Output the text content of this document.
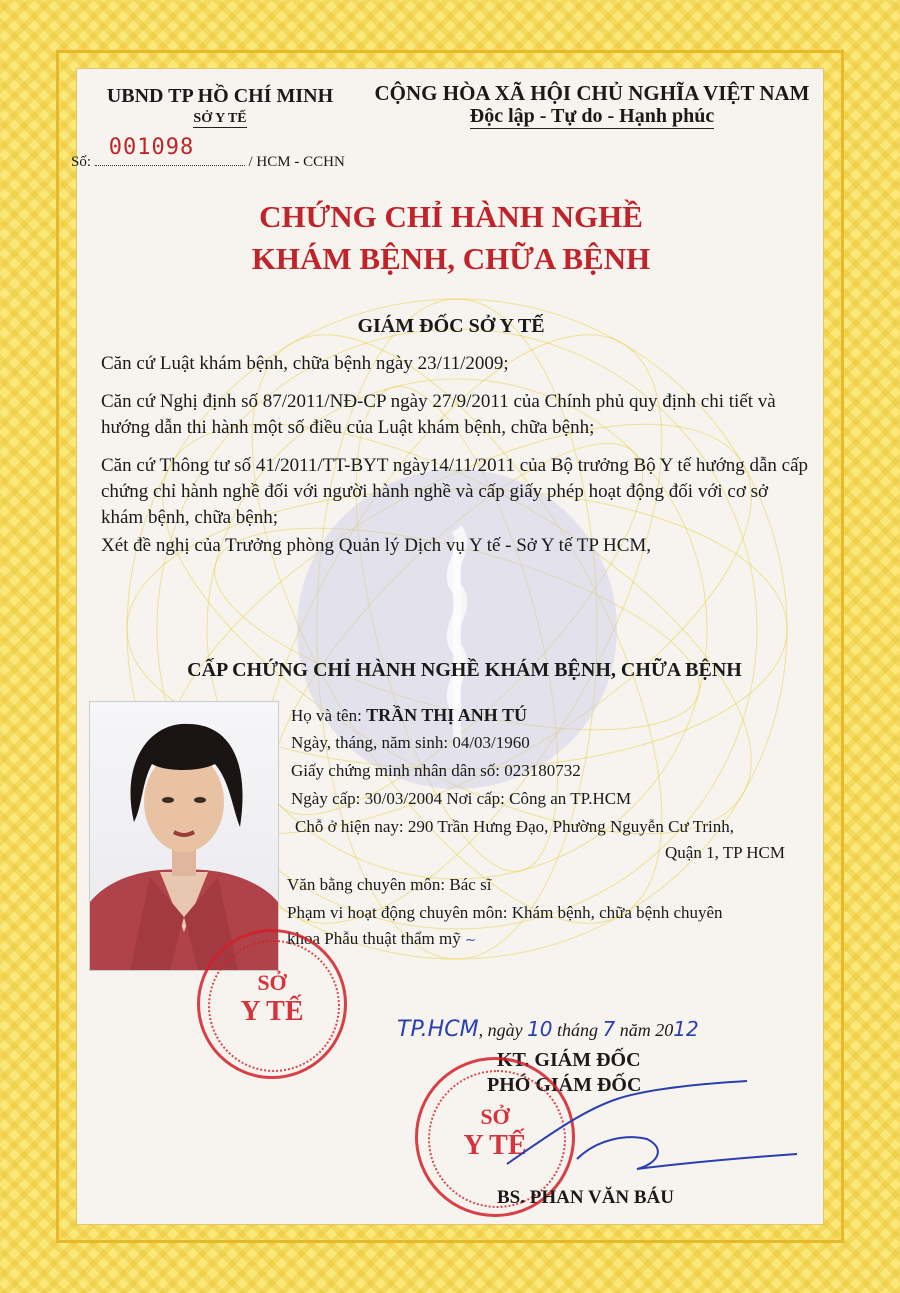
UBND TP HỒ CHÍ MINH
SỞ Y TẾ
CỘNG HÒA XÃ HỘI CHỦ NGHĨA VIỆT NAM
Độc lập - Tự do - Hạnh phúc
Số:
001098
/ HCM - CCHN
CHỨNG CHỈ HÀNH NGHỀ
KHÁM BỆNH, CHỮA BỆNH
GIÁM ĐỐC SỞ Y TẾ
Căn cứ Luật khám bệnh, chữa bệnh ngày 23/11/2009;
Căn cứ Nghị định số 87/2011/NĐ-CP ngày 27/9/2011 của Chính phủ quy định chi tiết và hướng dẫn thi hành một số điều của Luật khám bệnh, chữa bệnh;
Căn cứ Thông tư số 41/2011/TT-BYT ngày14/11/2011 của Bộ trưởng Bộ Y tế hướng dẫn cấp chứng chỉ hành nghề đối với người hành nghề và cấp giấy phép hoạt động đối với cơ sở khám bệnh, chữa bệnh;
Xét đề nghị của Trưởng phòng Quản lý Dịch vụ Y tế - Sở Y tế TP HCM,
CẤP CHỨNG CHỈ HÀNH NGHỀ KHÁM BỆNH, CHỮA BỆNH
Họ và tên: TRẦN THỊ ANH TÚ
Ngày, tháng, năm sinh: 04/03/1960
Giấy chứng minh nhân dân số: 023180732
Ngày cấp: 30/03/2004 Nơi cấp: Công an TP.HCM
Chỗ ở hiện nay: 290 Trần Hưng Đạo, Phường Nguyễn Cư Trinh,
Quận 1, TP HCM
Văn bằng chuyên môn: Bác sĩ
Phạm vi hoạt động chuyên môn: Khám bệnh, chữa bệnh chuyên
khoa Phẫu thuật thẩm mỹ ~
SỞ
Y TẾ
TP.HCM, ngày 10 tháng 7 năm 2012
KT. GIÁM ĐỐC
PHÓ GIÁM ĐỐC
SỞ
Y TẾ
BS. PHAN VĂN BÁU
